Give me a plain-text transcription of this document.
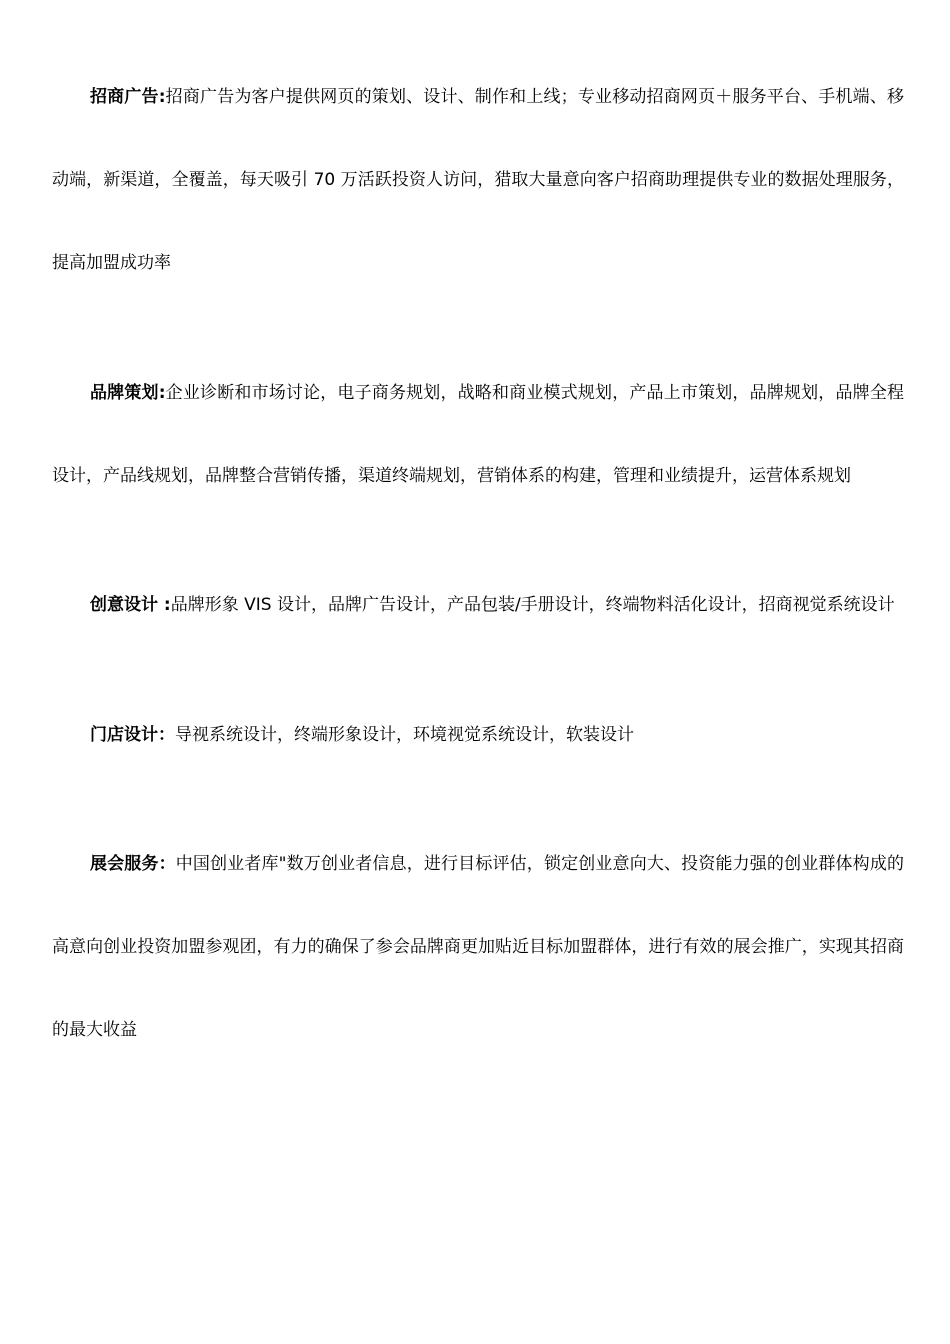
招商广告:招商广告为客户提供网页的策划、设计、制作和上线；专业移动招商网页＋服务平台、手机端、移动端，新渠道，全覆盖，每天吸引 70 万活跃投资人访问，猎取大量意向客户招商助理提供专业的数据处理服务，提高加盟成功率

品牌策划:企业诊断和市场讨论，电子商务规划，战略和商业模式规划，产品上市策划，品牌规划，品牌全程设计，产品线规划，品牌整合营销传播，渠道终端规划，营销体系的构建，管理和业绩提升，运营体系规划

创意设计 :品牌形象 VIS 设计，品牌广告设计，产品包装/手册设计，终端物料活化设计，招商视觉系统设计

门店设计：导视系统设计，终端形象设计，环境视觉系统设计，软装设计

展会服务：中国创业者库"数万创业者信息，进行目标评估，锁定创业意向大、投资能力强的创业群体构成的高意向创业投资加盟参观团，有力的确保了参会品牌商更加贴近目标加盟群体，进行有效的展会推广，实现其招商的最大收益
